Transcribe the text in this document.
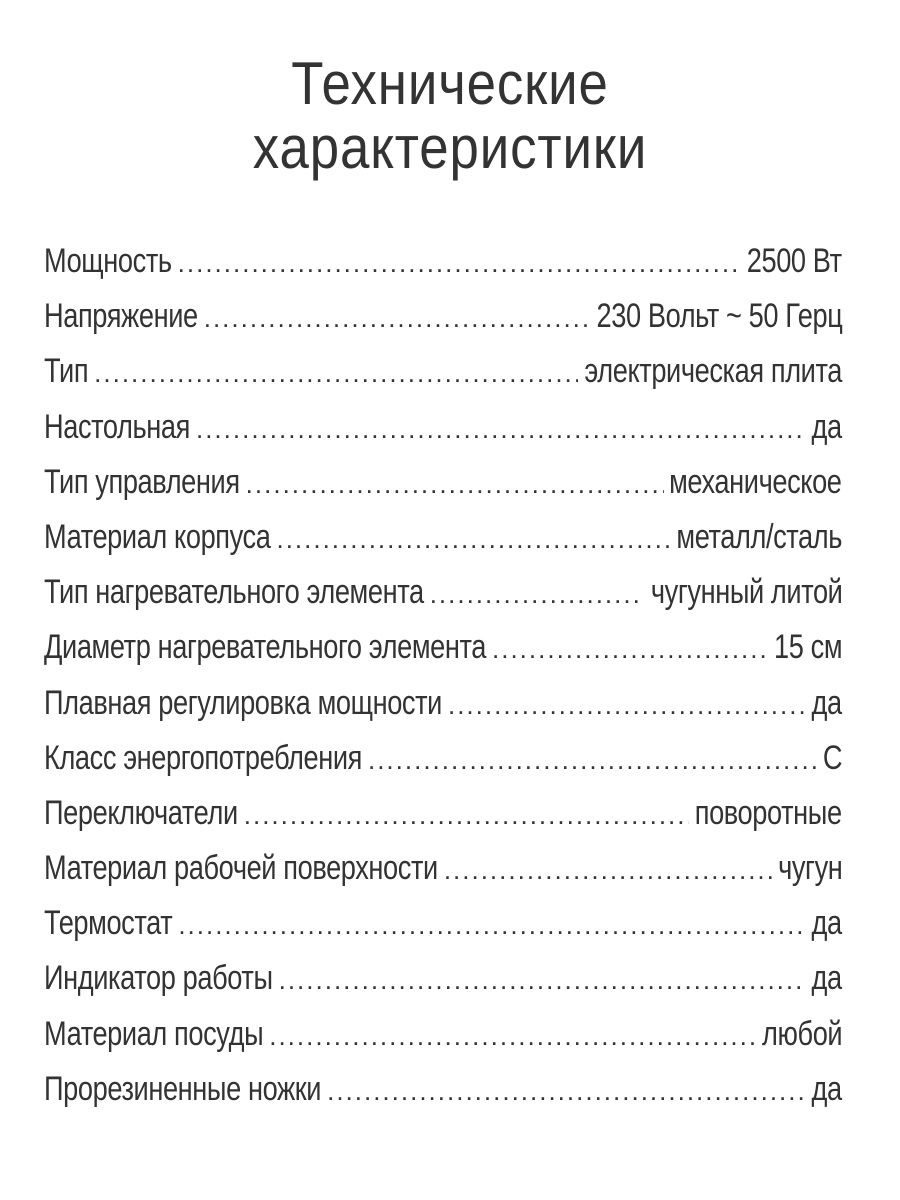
Технические
характеристики
Мощность .....	2500 Вт
Напряжение .....	230 Вольт ~ 50 Герц
Тип .....	электрическая плита
Настольная .....	да
Тип управления .....	механическое
Материал корпуса .....	металл/сталь
Тип нагревательного элемента .....	чугунный литой
Диаметр нагревательного элемента .....	15 см
Плавная регулировка мощности .....	да
Класс энергопотребления .....	С
Переключатели .....	поворотные
Материал рабочей поверхности .....	чугун
Термостат .....	да
Индикатор работы .....	да
Материал посуды .....	любой
Прорезиненные ножки .....	да
